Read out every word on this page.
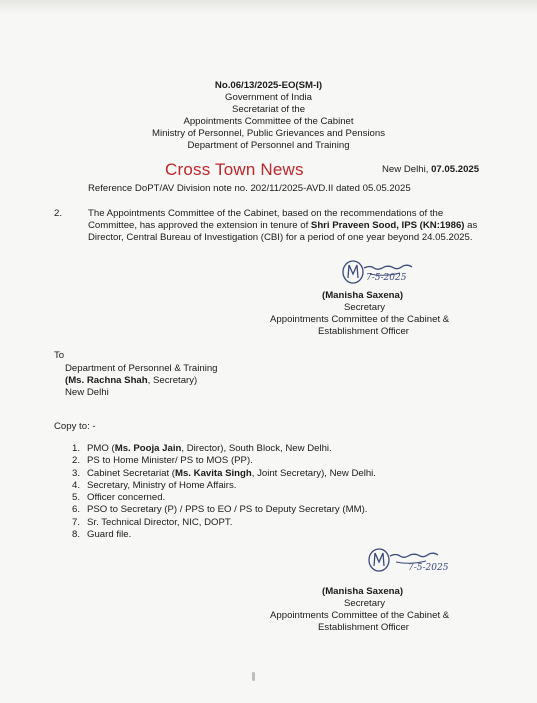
No.06/13/2025-EO(SM-I)
Government of India
Secretariat of the
Appointments Committee of the Cabinet
Ministry of Personnel, Public Grievances and Pensions
Department of Personnel and Training
New Delhi, 07.05.2025
Reference DoPT/AV Division note no. 202/11/2025-AVD.II dated 05.05.2025
Cross Town News
2.	The Appointments Committee of the Cabinet, based on the recommendations of the Committee, has approved the extension in tenure of Shri Praveen Sood, IPS (KN:1986) as Director, Central Bureau of Investigation (CBI) for a period of one year beyond 24.05.2025.
7-5-2025
(Manisha Saxena)
Secretary
Appointments Committee of the Cabinet &
Establishment Officer
To
Department of Personnel & Training
(Ms. Rachna Shah, Secretary)
New Delhi
Copy to: -
1. PMO (Ms. Pooja Jain, Director), South Block, New Delhi.
2. PS to Home Minister/ PS to MOS (PP).
3. Cabinet Secretariat (Ms. Kavita Singh, Joint Secretary), New Delhi.
4. Secretary, Ministry of Home Affairs.
5. Officer concerned.
6. PSO to Secretary (P) / PPS to EO / PS to Deputy Secretary (MM).
7. Sr. Technical Director, NIC, DOPT.
8. Guard file.
7-5-2025
(Manisha Saxena)
Secretary
Appointments Committee of the Cabinet &
Establishment Officer
